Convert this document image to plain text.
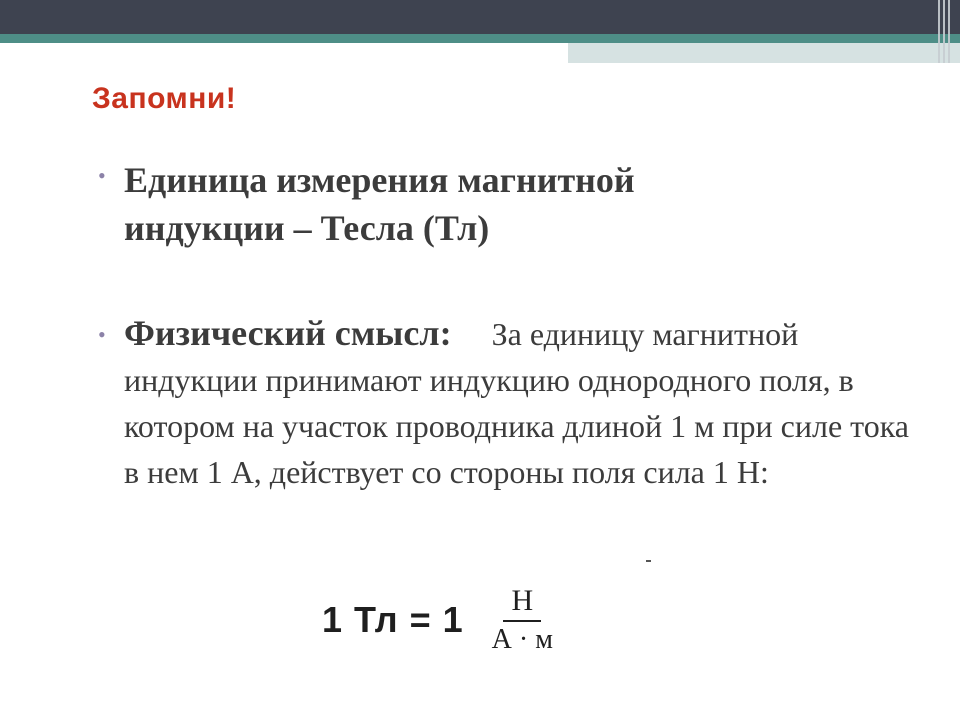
Запомни!
• Единица измерения магнитной индукции – Тесла (Тл)
• Физический смысл: За единицу магнитной индукции принимают индукцию однородного поля, в котором на участок проводника длиной 1 м при силе тока в нем 1 А, действует со стороны поля сила 1 Н:
1 Тл = $1 \frac{Н}{А \cdot м}$
